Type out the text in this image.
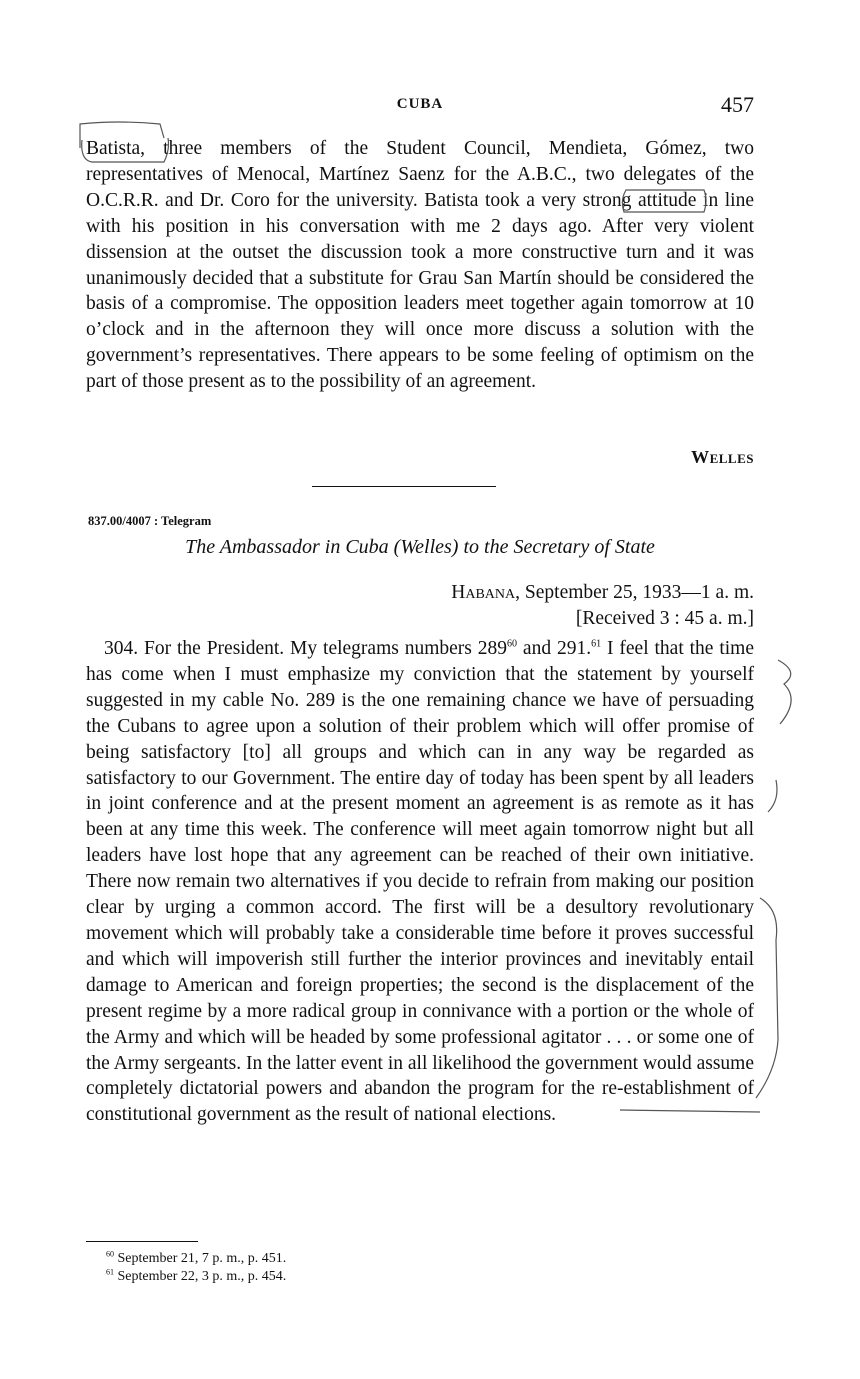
CUBA	457

Batista, three members of the Student Council, Mendieta, Gómez, two representatives of Menocal, Martínez Saenz for the A.B.C., two delegates of the O.C.R.R. and Dr. Coro for the university. Batista took a very strong attitude in line with his position in his conversation with me 2 days ago. After very violent dissension at the outset the discussion took a more constructive turn and it was unanimously decided that a substitute for Grau San Martín should be considered the basis of a compromise. The opposition leaders meet together again tomorrow at 10 o’clock and in the afternoon they will once more discuss a solution with the government’s representatives. There appears to be some feeling of optimism on the part of those present as to the possibility of an agreement.

Welles
837.00/4007 : Telegram
The Ambassador in Cuba (Welles) to the Secretary of State
Habana, September 25, 1933—1 a. m.
[Received 3 : 45 a. m.]

304. For the President. My telegrams numbers $289^{60}$ and 291.61 I feel that the time has come when I must emphasize my conviction that the statement by yourself suggested in my cable No. 289 is the one remaining chance we have of persuading the Cubans to agree upon a solution of their problem which will offer promise of being satisfactory [to] all groups and which can in any way be regarded as satisfactory to our Government. The entire day of today has been spent by all leaders in joint conference and at the present moment an agreement is as remote as it has been at any time this week. The conference will meet again tomorrow night but all leaders have lost hope that any agreement can be reached of their own initiative. There now remain two alternatives if you decide to refrain from making our position clear by urging a common accord. The first will be a desultory revolutionary movement which will probably take a considerable time before it proves successful and which will impoverish still further the interior provinces and inevitably entail damage to American and foreign properties; the second is the displacement of the present regime by a more radical group in connivance with a portion or the whole of the Army and which will be headed by some professional agitator . . . or some one of the Army sergeants. In the latter event in all likelihood the government would assume completely dictatorial powers and abandon the program for the re-establishment of constitutional government as the result of national elections.

$^{60}$ September 21, 7 p. m., p. 451.
$^{61}$ September 22, 3 p. m., p. 454.
